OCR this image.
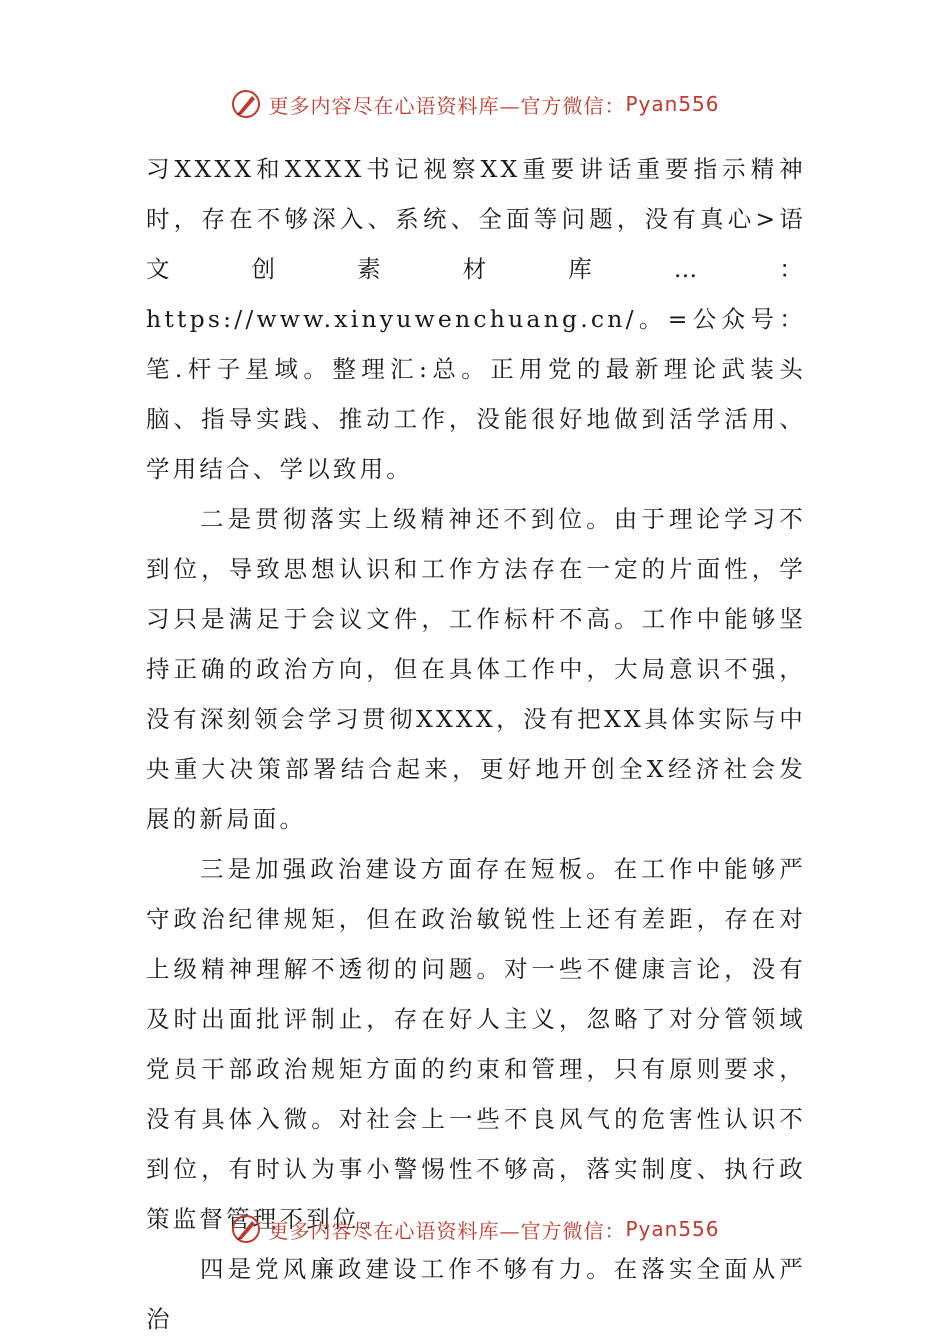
更多内容尽在心语资料库—官方微信： Pyan556

习XXXX和XXXX书记视察XX重要讲话重要指示精神时，存在不够深入、系统、全面等问题，没有真心>语文创素材库…：https://www.xinyuwenchuang.cn/。=公众号：笔.杆子星域。整理汇:总。正用党的最新理论武装头脑、指导实践、推动工作，没能很好地做到活学活用、学用结合、学以致用。

二是贯彻落实上级精神还不到位。由于理论学习不到位，导致思想认识和工作方法存在一定的片面性，学习只是满足于会议文件，工作标杆不高。工作中能够坚持正确的政治方向，但在具体工作中，大局意识不强，没有深刻领会学习贯彻XXXX，没有把XX具体实际与中央重大决策部署结合起来，更好地开创全X经济社会发展的新局面。

三是加强政治建设方面存在短板。在工作中能够严守政治纪律规矩，但在政治敏锐性上还有差距，存在对上级精神理解不透彻的问题。对一些不健康言论，没有及时出面批评制止，存在好人主义，忽略了对分管领域党员干部政治规矩方面的约束和管理，只有原则要求，没有具体入微。对社会上一些不良风气的危害性认识不到位，有时认为事小警惕性不够高，落实制度、执行政策监督管理不到位。

四是党风廉政建设工作不够有力。在落实全面从严治

更多内容尽在心语资料库—官方微信： Pyan556
